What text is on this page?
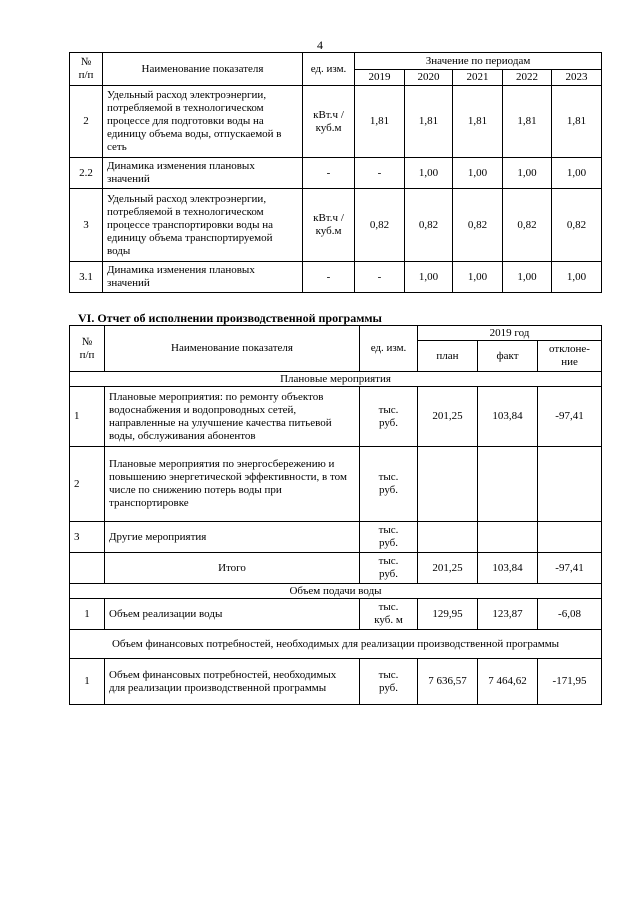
4
№
п/п	Наименование показателя	ед. изм.	Значение по периодам				
			2019	2020	2021	2022	2023
2	Удельный расход электроэнергии, потребляемой в технологическом процессе для подготовки воды на единицу объема воды, отпускаемой в сеть	кВт.ч / куб.м	1,81	1,81	1,81	1,81	1,81
2.2	Динамика изменения плановых значений	-	-	1,00	1,00	1,00	1,00
3	Удельный расход электроэнергии, потребляемой в технологическом процессе транспортировки воды на единицу объема транспортируемой воды	кВт.ч / куб.м	0,82	0,82	0,82	0,82	0,82
3.1	Динамика изменения плановых значений	-	-	1,00	1,00	1,00	1,00
VI. Отчет об исполнении производственной программы
№
п/п	Наименование показателя	ед. изм.	2019 год		
			план	факт	отклоне-
ние
Плановые мероприятия					
1	Плановые мероприятия: по ремонту объектов водоснабжения и водопроводных сетей, направленные на улучшение качества питьевой воды, обслуживания абонентов	тыс.
руб.	201,25	103,84	-97,41
2	Плановые мероприятия по энергосбережению и повышению энергетической эффективности, в том числе по снижению потерь воды при транспортировке	тыс.
руб.			
3	Другие мероприятия	тыс.
руб.			
	Итого	тыс.
руб.	201,25	103,84	-97,41
Объем подачи воды					
1	Объем реализации воды	тыс.
куб. м	129,95	123,87	-6,08
Объем финансовых потребностей, необходимых для реализации производственной программы					
1	Объем финансовых потребностей, необходимых для реализации производственной программы	тыс.
руб.	7 636,57	7 464,62	-171,95
